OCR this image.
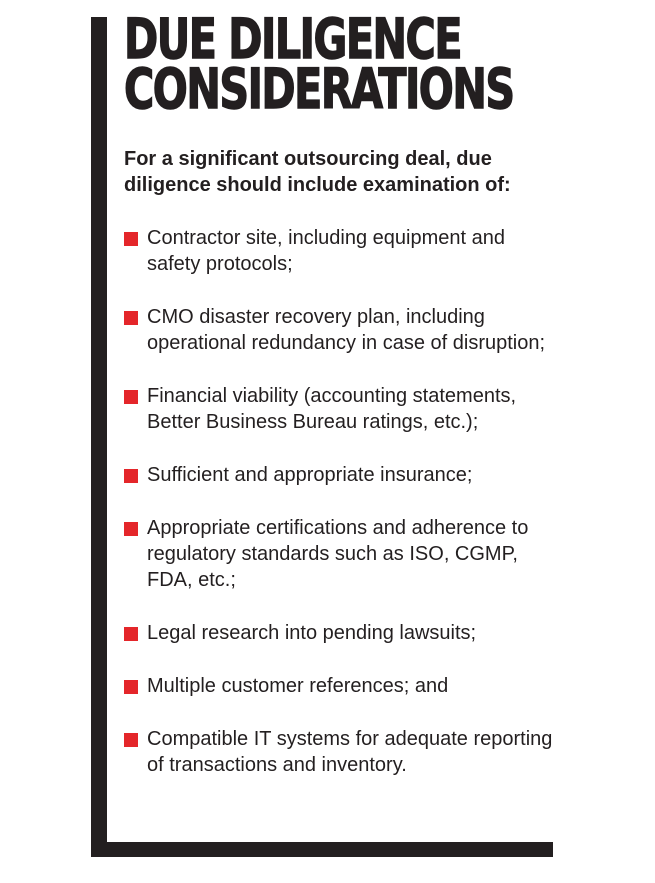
DUE DILIGENCE
CONSIDERATIONS

For a significant outsourcing deal, due diligence should include examination of:

Contractor site, including equipment and safety protocols;
CMO disaster recovery plan, including operational redundancy in case of disruption;
Financial viability (accounting statements, Better Business Bureau ratings, etc.);
Sufficient and appropriate insurance;
Appropriate certifications and adherence to regulatory standards such as ISO, CGMP, FDA, etc.;
Legal research into pending lawsuits;
Multiple customer references; and
Compatible IT systems for adequate reporting of transactions and inventory.
